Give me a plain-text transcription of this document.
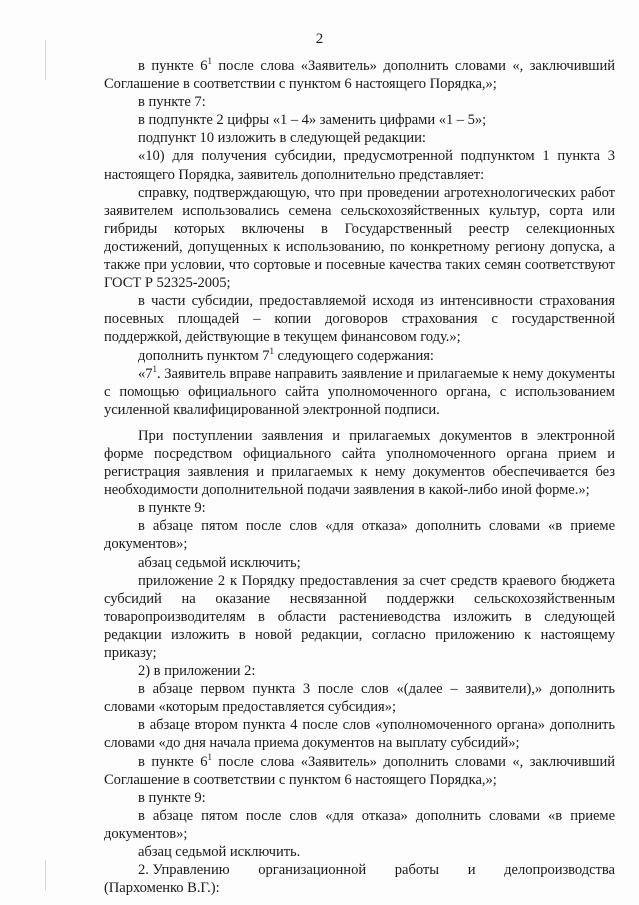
2

в пункте $6^1$ после слова «Заявитель» дополнить словами «, заключивший Соглашение в соответствии с пунктом 6 настоящего Порядка,»;

в пункте 7:

в подпункте 2 цифры «1 – 4» заменить цифрами «1 – 5»;

подпункт 10 изложить в следующей редакции:

«10) для получения субсидии, предусмотренной подпунктом 1 пункта 3 настоящего Порядка, заявитель дополнительно представляет:

справку, подтверждающую, что при проведении агротехнологических работ заявителем использовались семена сельскохозяйственных культур, сорта или гибриды которых включены в Государственный реестр селекционных достижений, допущенных к использованию, по конкретному региону допуска, а также при условии, что сортовые и посевные качества таких семян соответствуют ГОСТ Р 52325-2005;

в части субсидии, предоставляемой исходя из интенсивности страхования посевных площадей – копии договоров страхования с государственной поддержкой, действующие в текущем финансовом году.»;

дополнить пунктом $7^1$ следующего содержания:

«$7^1$. Заявитель вправе направить заявление и прилагаемые к нему документы с помощью официального сайта уполномоченного органа, с использованием усиленной квалифицированной электронной подписи.

При поступлении заявления и прилагаемых документов в электронной форме посредством официального сайта уполномоченного органа прием и регистрация заявления и прилагаемых к нему документов обеспечивается без необходимости дополнительной подачи заявления в какой-либо иной форме.»;

в пункте 9:

в абзаце пятом после слов «для отказа» дополнить словами «в приеме документов»;

абзац седьмой исключить;

приложение 2 к Порядку предоставления за счет средств краевого бюджета субсидий на оказание несвязанной поддержки сельскохозяйственным товаропроизводителям в области растениеводства изложить в следующей редакции изложить в новой редакции, согласно приложению к настоящему приказу;

2) в приложении 2:

в абзаце первом пункта 3 после слов «(далее – заявители),» дополнить словами «которым предоставляется субсидия»;

в абзаце втором пункта 4 после слов «уполномоченного органа» дополнить словами «до дня начала приема документов на выплату субсидий»;

в пункте $6^1$ после слова «Заявитель» дополнить словами «, заключивший Соглашение в соответствии с пунктом 6 настоящего Порядка,»;

в пункте 9:

в абзаце пятом после слов «для отказа» дополнить словами «в приеме документов»;

абзац седьмой исключить.

2. Управлению организационной работы и делопроизводства

(Пархоменко В.Г.):
